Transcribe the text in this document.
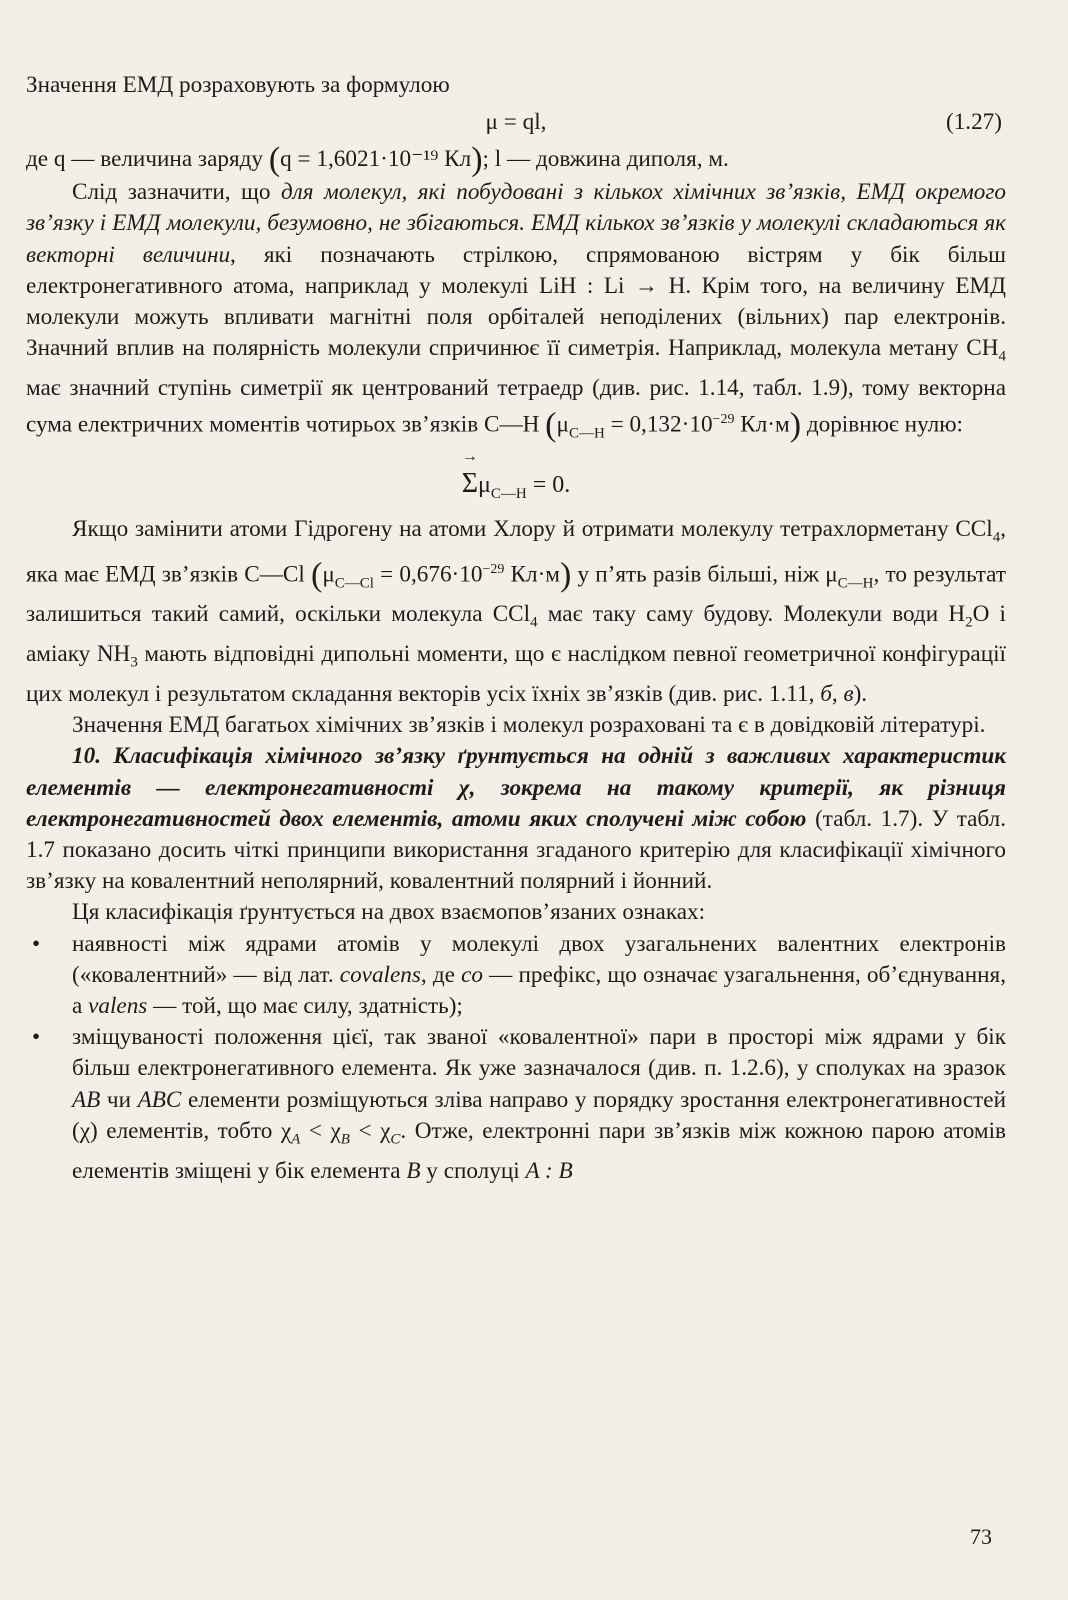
Значення ЕМД розраховують за формулою

μ = ql,	(1.27)

де q — величина заряду (q = 1,6021·10⁻¹⁹ Кл); l — довжина диполя, м.

Слід зазначити, що для молекул, які побудовані з кількох хімічних зв’язків, ЕМД окремого зв’язку і ЕМД молекули, безумовно, не збігаються. ЕМД кількох зв’язків у молекулі складаються як векторні величини, які позначають стрілкою, спрямованою вістрям у бік більш електронегативного атома, наприклад у молекулі LiH : Li → H. Крім того, на величину ЕМД молекули можуть впливати магнітні поля орбіталей неподілених (вільних) пар електронів. Значний вплив на полярність молекули спричинює її симетрія. Наприклад, молекула метану $CH_4$ має значний ступінь симетрії як центрований тетраедр (див. рис. 1.14, табл. 1.9), тому векторна сума електричних моментів чотирьох зв’язків C—H ($\mu_{C—H} = 0,132\cdot 10^{-29}$ Кл·м) дорівнює нулю:

→
$\Sigma\mu_{C—H} = 0$.

Якщо замінити атоми Гідрогену на атоми Хлору й отримати молекулу тетрахлорметану CCl$_4$, яка має ЕМД зв’язків C—Cl ($\mu_{C—Cl} = 0,676\cdot 10^{-29}$ Кл·м) у п’ять разів більші, ніж $\mu_{C—H}$, то результат залишиться такий самий, оскільки молекула CCl$_4$ має таку саму будову. Молекули води $H_2O$ і аміаку $NH_3$ мають відповідні дипольні моменти, що є наслідком певної геометричної конфігурації цих молекул і результатом складання векторів усіх їхніх зв’язків (див. рис. 1.11, б, в).

Значення ЕМД багатьох хімічних зв’язків і молекул розраховані та є в довідковій літературі.

10. Класифікація хімічного зв’язку ґрунтується на одній з важливих характеристик елементів — електронегативності χ, зокрема на такому критерії, як різниця електронегативностей двох елементів, атоми яких сполучені між собою (табл. 1.7). У табл. 1.7 показано досить чіткі принципи використання згаданого критерію для класифікації хімічного зв’язку на ковалентний неполярний, ковалентний полярний і йонний.

Ця класифікація ґрунтується на двох взаємопов’язаних ознаках:

• наявності між ядрами атомів у молекулі двох узагальнених валентних електронів («ковалентний» — від лат. covalens, де co — префікс, що означає узагальнення, об’єднування, а valens — той, що має силу, здатність);
• зміщуваності положення цієї, так званої «ковалентної» пари в просторі між ядрами у бік більш електронегативного елемента. Як уже зазначалося (див. п. 1.2.6), у сполуках на зразок AB чи ABC елементи розміщуються зліва направо у порядку зростання електронегативностей (χ) елементів, тобто $\chi_A < \chi_B < \chi_C$. Отже, електронні пари зв’язків між кожною парою атомів елементів зміщені у бік елемента B у сполуці A : B
73
